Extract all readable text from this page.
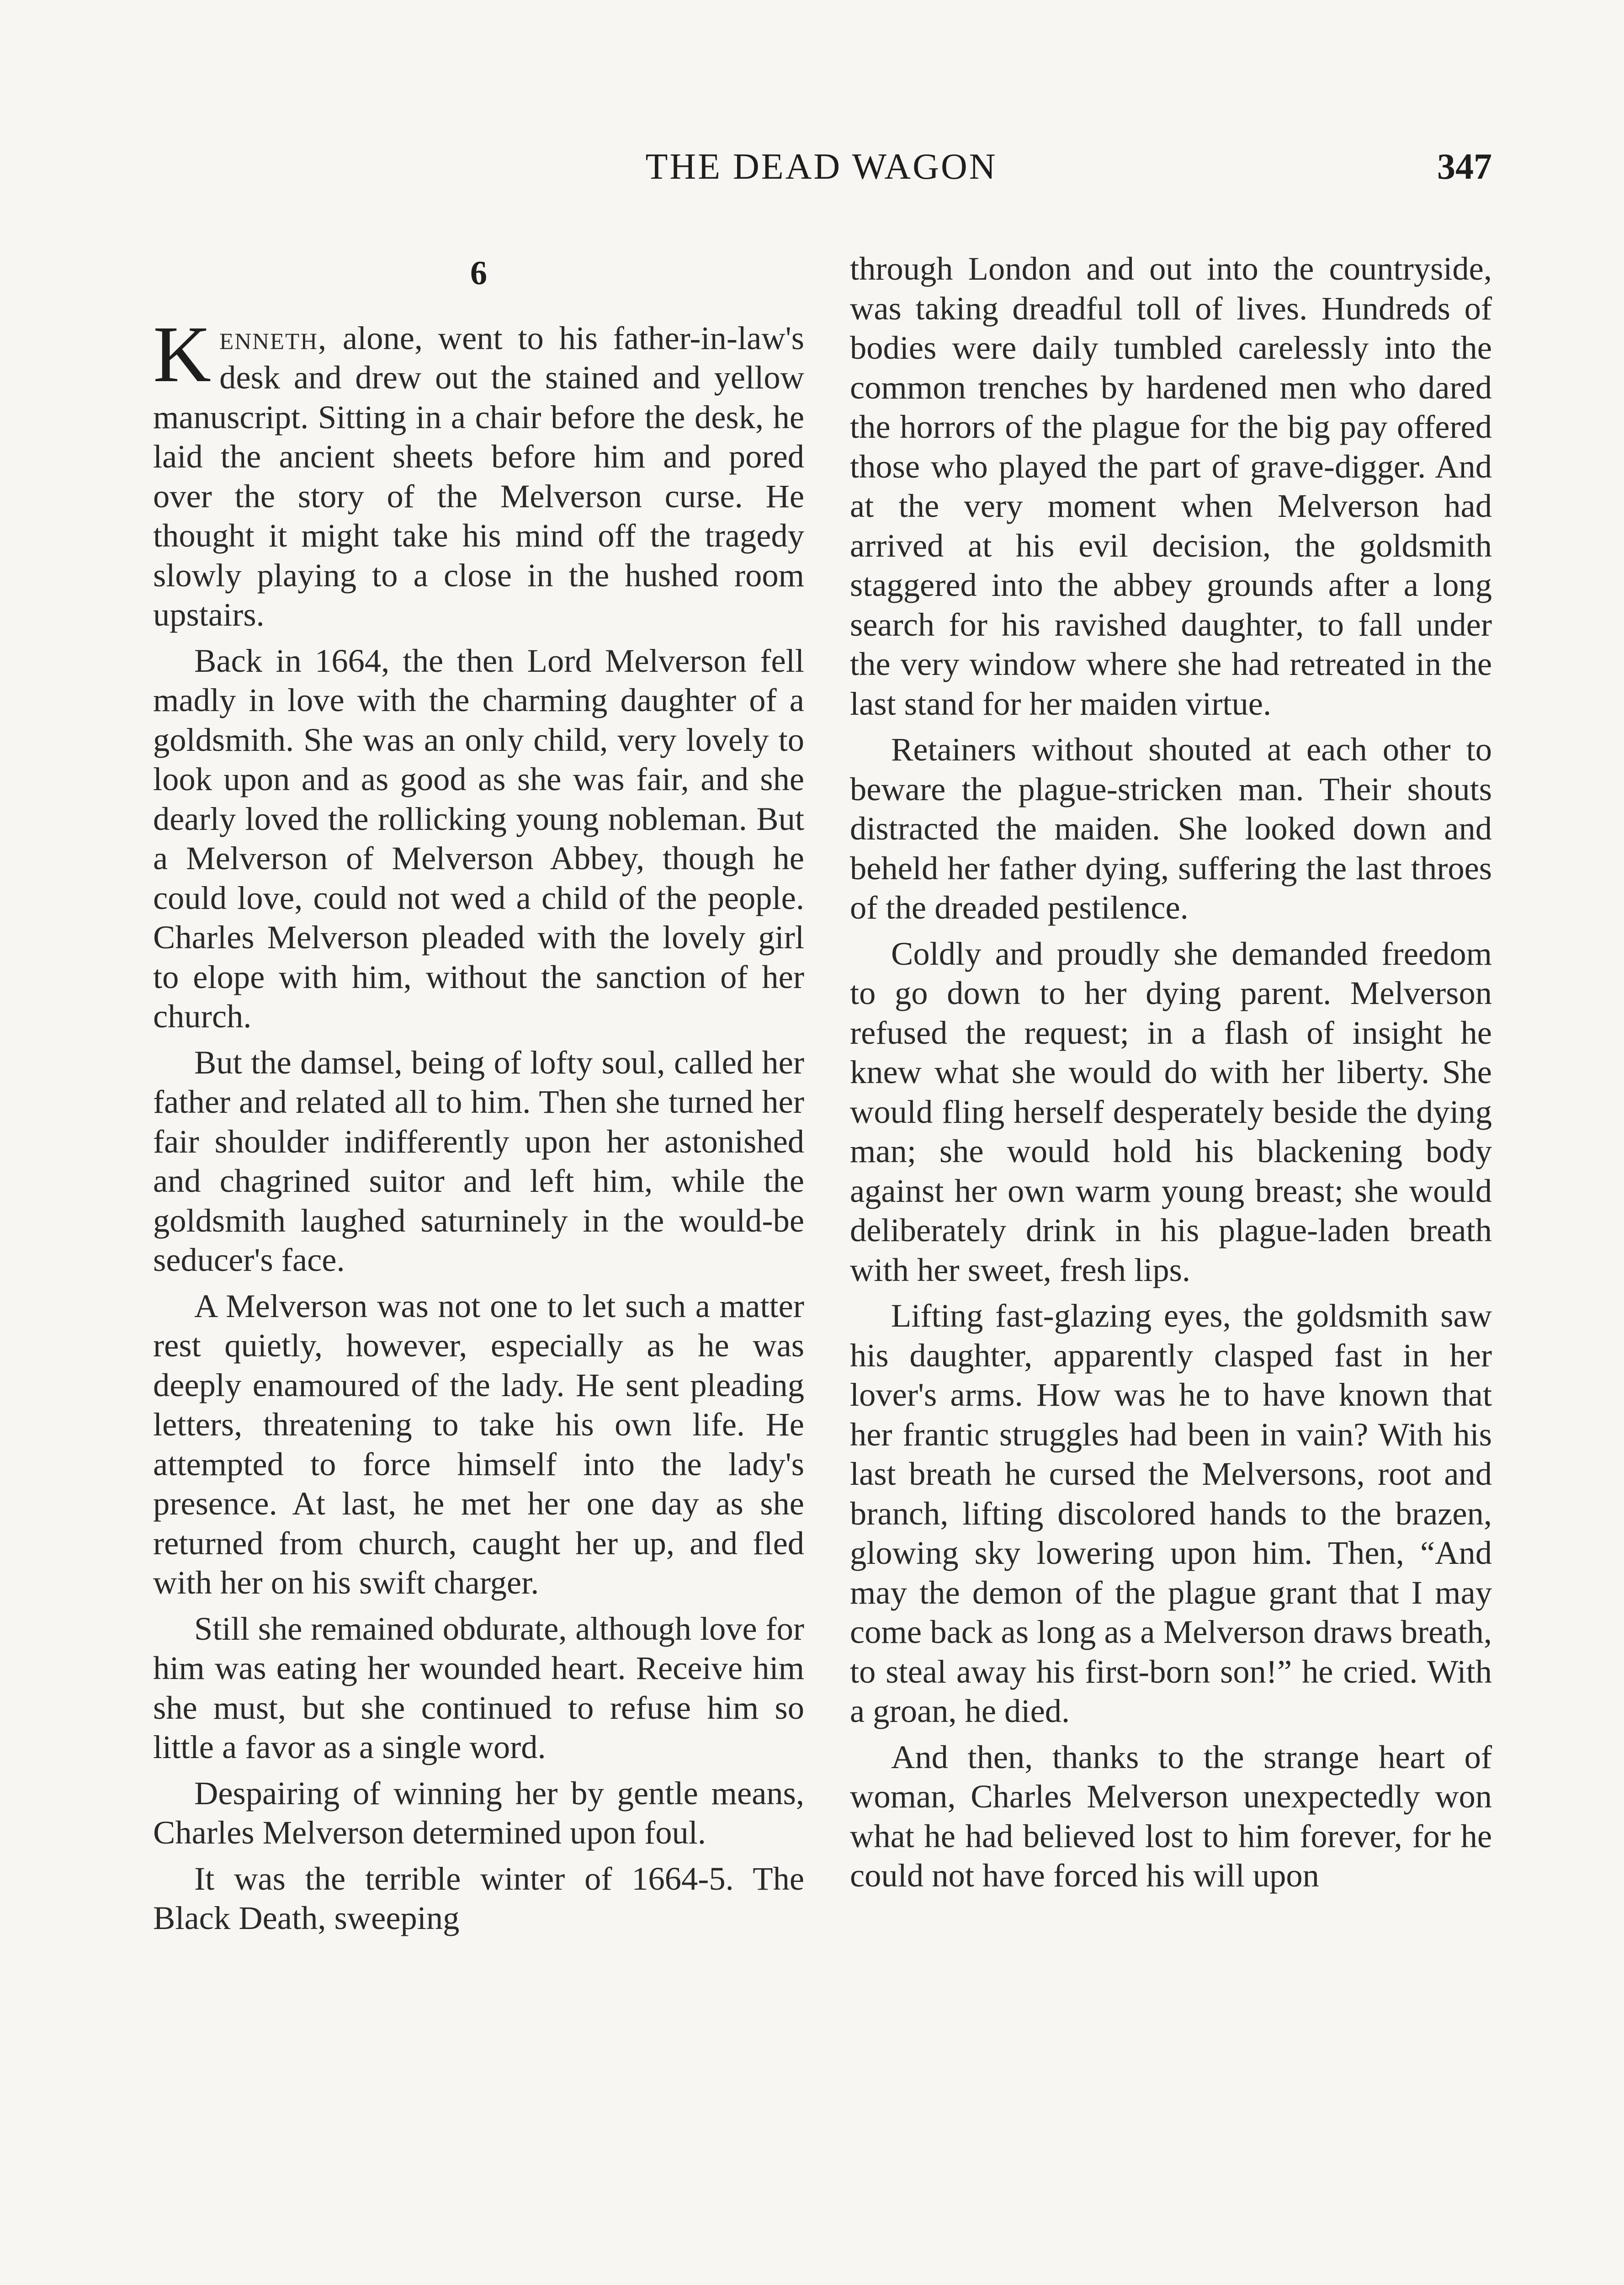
THE DEAD WAGON	347
6

Kenneth, alone, went to his father-in-law's desk and drew out the stained and yellow manuscript. Sitting in a chair before the desk, he laid the ancient sheets before him and pored over the story of the Melverson curse. He thought it might take his mind off the tragedy slowly playing to a close in the hushed room upstairs.

Back in 1664, the then Lord Melverson fell madly in love with the charming daughter of a goldsmith. She was an only child, very lovely to look upon and as good as she was fair, and she dearly loved the rollicking young nobleman. But a Melverson of Melverson Abbey, though he could love, could not wed a child of the people. Charles Melverson pleaded with the lovely girl to elope with him, without the sanction of her church.

But the damsel, being of lofty soul, called her father and related all to him. Then she turned her fair shoulder indifferently upon her astonished and chagrined suitor and left him, while the goldsmith laughed saturninely in the would-be seducer's face.

A Melverson was not one to let such a matter rest quietly, however, especially as he was deeply enamoured of the lady. He sent pleading letters, threatening to take his own life. He attempted to force himself into the lady's presence. At last, he met her one day as she returned from church, caught her up, and fled with her on his swift charger.

Still she remained obdurate, although love for him was eating her wounded heart. Receive him she must, but she continued to refuse him so little a favor as a single word.

Despairing of winning her by gentle means, Charles Melverson determined upon foul.

It was the terrible winter of 1664-5. The Black Death, sweeping

through London and out into the countryside, was taking dreadful toll of lives. Hundreds of bodies were daily tumbled carelessly into the common trenches by hardened men who dared the horrors of the plague for the big pay offered those who played the part of grave-digger. And at the very moment when Melverson had arrived at his evil decision, the goldsmith staggered into the abbey grounds after a long search for his ravished daughter, to fall under the very window where she had retreated in the last stand for her maiden virtue.

Retainers without shouted at each other to beware the plague-stricken man. Their shouts distracted the maiden. She looked down and beheld her father dying, suffering the last throes of the dreaded pestilence.

Coldly and proudly she demanded freedom to go down to her dying parent. Melverson refused the request; in a flash of insight he knew what she would do with her liberty. She would fling herself desperately beside the dying man; she would hold his blackening body against her own warm young breast; she would deliberately drink in his plague-laden breath with her sweet, fresh lips.

Lifting fast-glazing eyes, the goldsmith saw his daughter, apparently clasped fast in her lover's arms. How was he to have known that her frantic struggles had been in vain? With his last breath he cursed the Melversons, root and branch, lifting discolored hands to the brazen, glowing sky lowering upon him. Then, “And may the demon of the plague grant that I may come back as long as a Melverson draws breath, to steal away his first-born son!” he cried. With a groan, he died.

And then, thanks to the strange heart of woman, Charles Melverson unexpectedly won what he had believed lost to him forever, for he could not have forced his will upon
